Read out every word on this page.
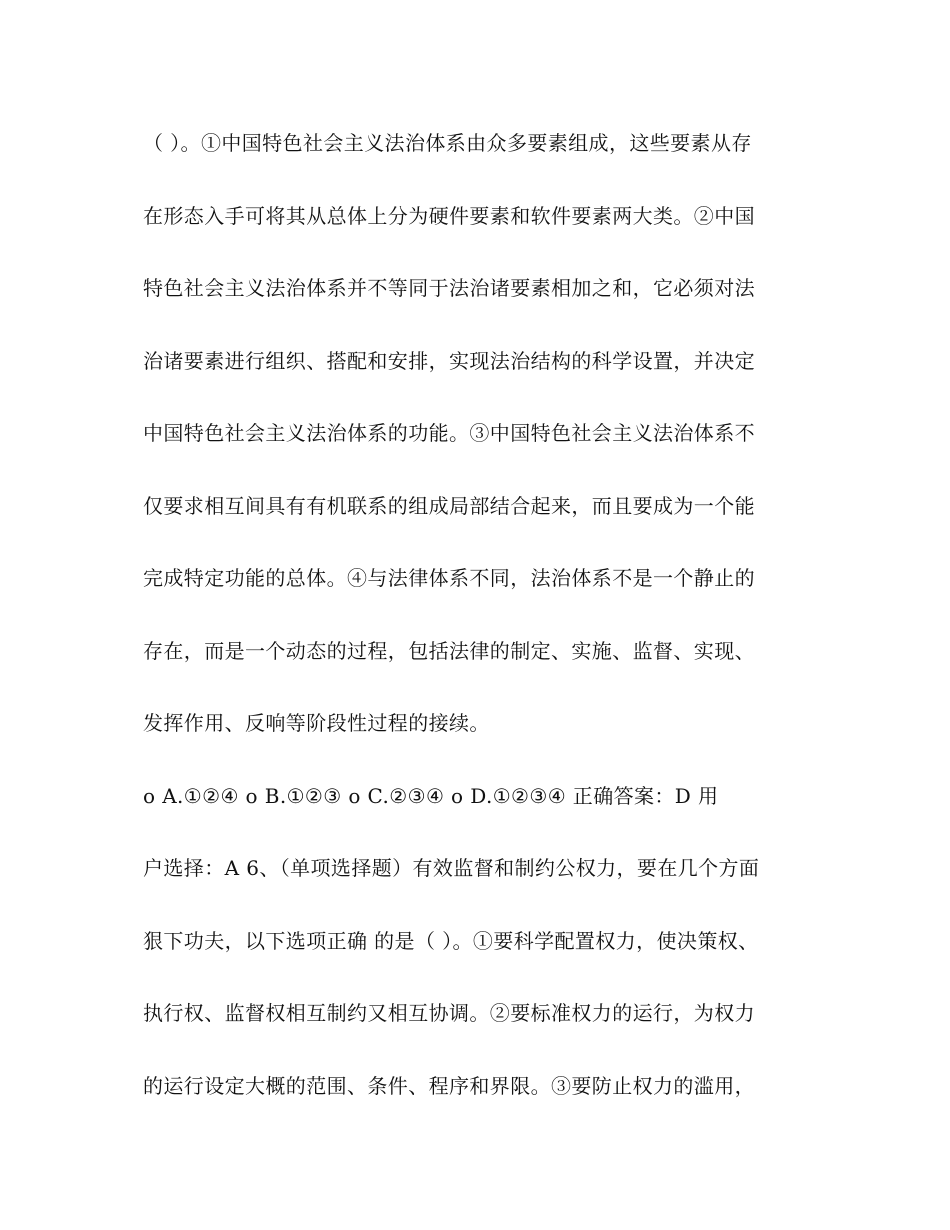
（ ）。①中国特色社会主义法治体系由众多要素组成，这些要素从存
在形态入手可将其从总体上分为硬件要素和软件要素两大类。②中国
特色社会主义法治体系并不等同于法治诸要素相加之和，它必须对法
治诸要素进行组织、搭配和安排，实现法治结构的科学设置，并决定
中国特色社会主义法治体系的功能。③中国特色社会主义法治体系不
仅要求相互间具有有机联系的组成局部结合起来，而且要成为一个能
完成特定功能的总体。④与法律体系不同，法治体系不是一个静止的
存在，而是一个动态的过程，包括法律的制定、实施、监督、实现、
发挥作用、反响等阶段性过程的接续。
o A.①②④ o B.①②③ o C.②③④ o D.①②③④ 正确答案：D 用
户选择：A 6、（单项选择题）有效监督和制约公权力，要在几个方面
狠下功夫，以下选项正确 的是（ ）。①要科学配置权力，使决策权、
执行权、监督权相互制约又相互协调。②要标准权力的运行，为权力
的运行设定大概的范围、条件、程序和界限。③要防止权力的滥用，
